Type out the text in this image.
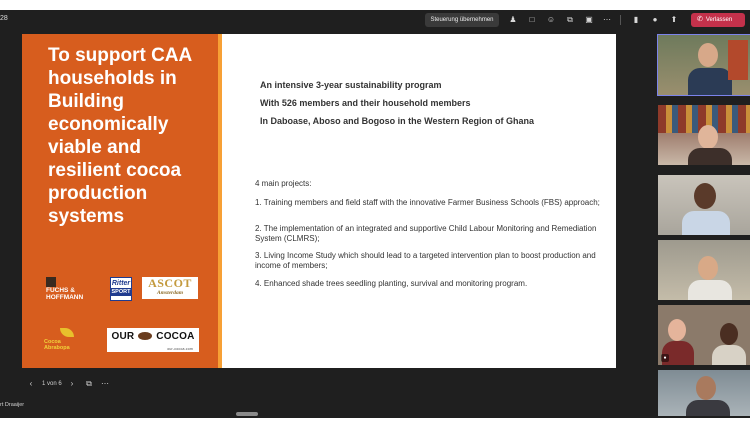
28	Steuerung übernehmen	♟	□	☺	⧉	▣ ⋯	▮	●	⬆	✆ Verlassen
To support CAA households in Building economically viable and resilient cocoa production systems
FUCHS & HOFFMANN
Ritter
SPORT
ASCOT
Amsterdam
Cocoa
Abrabopa
OUR COCOA
our-cocoa.com
An intensive 3-year sustainability program
With 526 members and their household members
In Daboase, Aboso and Bogoso in the Western Region of Ghana
4 main projects:
1. Training members and field staff with the innovative Farmer Business Schools (FBS) approach;
2. The implementation of an integrated and supportive Child Labour Monitoring and Remediation System (CLMRS);
3. Living Income Study which should lead to a targeted intervention plan to boost production and income of members;
4. Enhanced shade trees seedling planting, survival and monitoring program.
‹	1 von 6	›	⧉ ⋯
rt Draaijer
●
